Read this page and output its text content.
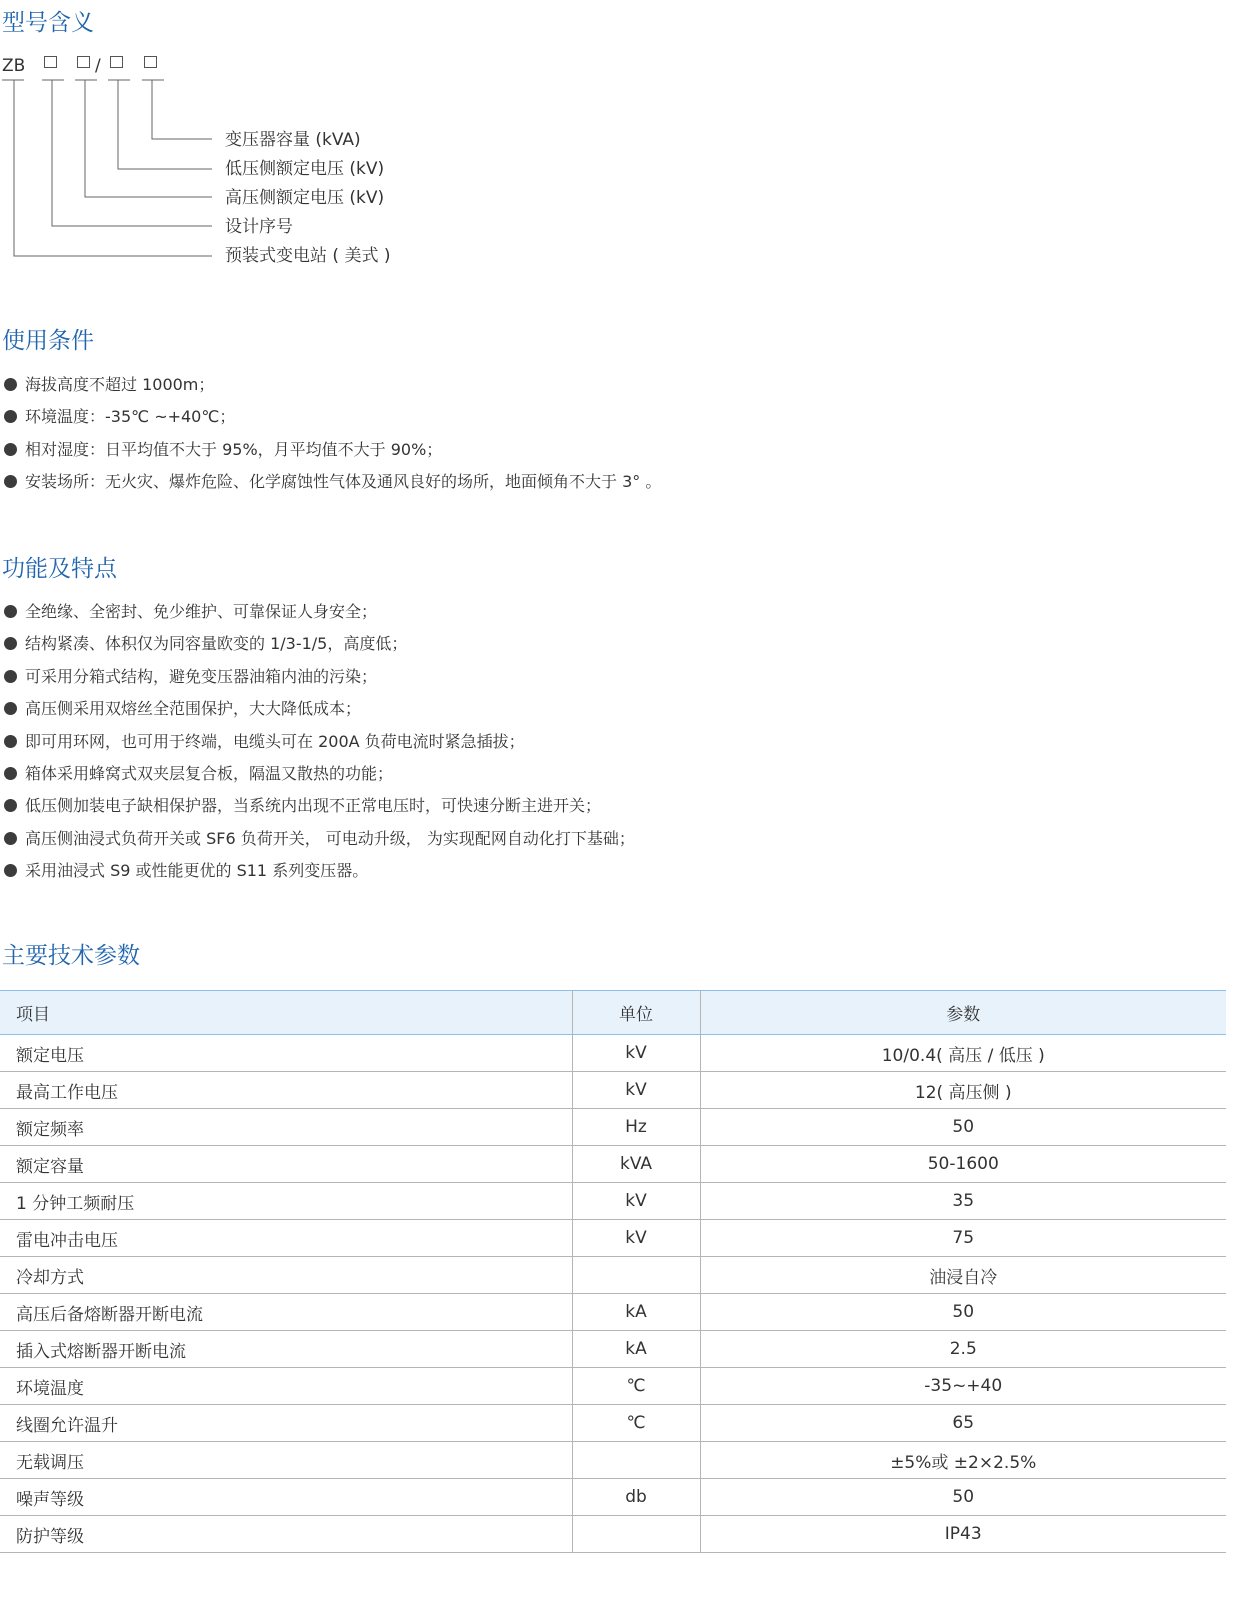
型号含义
ZB	/
变压器容量 (kVA)
低压侧额定电压 (kV)
高压侧额定电压 (kV)
设计序号
预装式变电站 ( 美式 )
使用条件
海拔高度不超过 1000m；
环境温度：-35℃ ~+40℃；
相对湿度：日平均值不大于 95%，月平均值不大于 90%；
安装场所：无火灾、爆炸危险、化学腐蚀性气体及通风良好的场所，地面倾角不大于 3° 。
功能及特点
全绝缘、全密封、免少维护、可靠保证人身安全；
结构紧凑、体积仅为同容量欧变的 1/3-1/5，高度低；
可采用分箱式结构，避免变压器油箱内油的污染；
高压侧采用双熔丝全范围保护，大大降低成本；
即可用环网，也可用于终端，电缆头可在 200A 负荷电流时紧急插拔；
箱体采用蜂窝式双夹层复合板，隔温又散热的功能；
低压侧加装电子缺相保护器，当系统内出现不正常电压时，可快速分断主进开关；
高压侧油浸式负荷开关或 SF6 负荷开关， 可电动升级， 为实现配网自动化打下基础；
采用油浸式 S9 或性能更优的 S11 系列变压器。
主要技术参数
项目	单位	参数
额定电压	kV	10/0.4( 高压 / 低压 )
最高工作电压	kV	12( 高压侧 )
额定频率	Hz	50
额定容量	kVA	50-1600
1 分钟工频耐压	kV	35
雷电冲击电压	kV	75
冷却方式		油浸自冷
高压后备熔断器开断电流	kA	50
插入式熔断器开断电流	kA	2.5
环境温度	℃	-35~+40
线圈允许温升	℃	65
无载调压		±5%或 ±2×2.5%
噪声等级	db	50
防护等级		IP43
